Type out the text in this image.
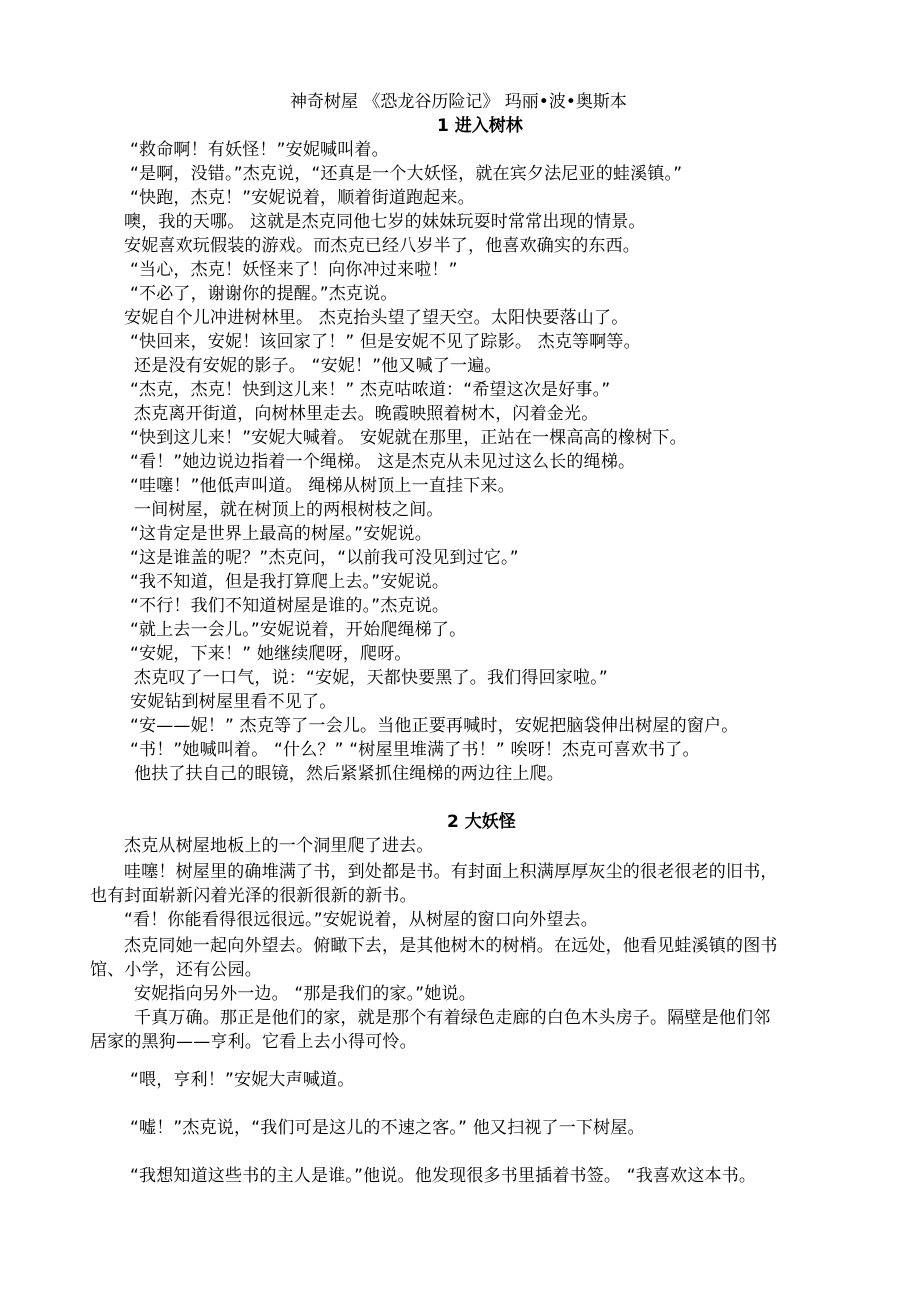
神奇树屋 《恐龙谷历险记》 玛丽•波•奥斯本
1 进入树林
“救命啊！有妖怪！”安妮喊叫着。
“是啊，没错。”杰克说，“还真是一个大妖怪，就在宾夕法尼亚的蛙溪镇。”
“快跑，杰克！”安妮说着，顺着街道跑起来。
噢，我的天哪。 这就是杰克同他七岁的妹妹玩耍时常常出现的情景。
安妮喜欢玩假装的游戏。而杰克已经八岁半了，他喜欢确实的东西。
“当心，杰克！妖怪来了！向你冲过来啦！”
“不必了，谢谢你的提醒。”杰克说。
安妮自个儿冲进树林里。 杰克抬头望了望天空。太阳快要落山了。
“快回来，安妮！该回家了！” 但是安妮不见了踪影。 杰克等啊等。
还是没有安妮的影子。 “安妮！”他又喊了一遍。
“杰克，杰克！快到这儿来！” 杰克咕哝道：“希望这次是好事。”
杰克离开街道，向树林里走去。晚霞映照着树木，闪着金光。
“快到这儿来！”安妮大喊着。 安妮就在那里，正站在一棵高高的橡树下。
“看！”她边说边指着一个绳梯。 这是杰克从未见过这么长的绳梯。
“哇噻！”他低声叫道。 绳梯从树顶上一直挂下来。
一间树屋，就在树顶上的两根树枝之间。
“这肯定是世界上最高的树屋。”安妮说。
“这是谁盖的呢？”杰克问，“以前我可没见到过它。”
“我不知道，但是我打算爬上去。”安妮说。
“不行！我们不知道树屋是谁的。”杰克说。
“就上去一会儿。”安妮说着，开始爬绳梯了。
“安妮，下来！” 她继续爬呀，爬呀。
杰克叹了一口气，说：“安妮，天都快要黑了。我们得回家啦。”
安妮钻到树屋里看不见了。
“安——妮！” 杰克等了一会儿。当他正要再喊时，安妮把脑袋伸出树屋的窗户。
“书！”她喊叫着。 “什么？” “树屋里堆满了书！” 唉呀！杰克可喜欢书了。
他扶了扶自己的眼镜，然后紧紧抓住绳梯的两边往上爬。
2 大妖怪
杰克从树屋地板上的一个洞里爬了进去。
哇噻！树屋里的确堆满了书，到处都是书。有封面上积满厚厚灰尘的很老很老的旧书，
也有封面崭新闪着光泽的很新很新的新书。
“看！你能看得很远很远。”安妮说着，从树屋的窗口向外望去。
杰克同她一起向外望去。俯瞰下去，是其他树木的树梢。在远处，他看见蛙溪镇的图书
馆、小学，还有公园。
安妮指向另外一边。 “那是我们的家。”她说。
千真万确。那正是他们的家，就是那个有着绿色走廊的白色木头房子。隔壁是他们邻
居家的黑狗——亨利。它看上去小得可怜。
“喂，亨利！”安妮大声喊道。
“嘘！”杰克说，“我们可是这儿的不速之客。” 他又扫视了一下树屋。
“我想知道这些书的主人是谁。”他说。他发现很多书里插着书签。 “我喜欢这本书。
